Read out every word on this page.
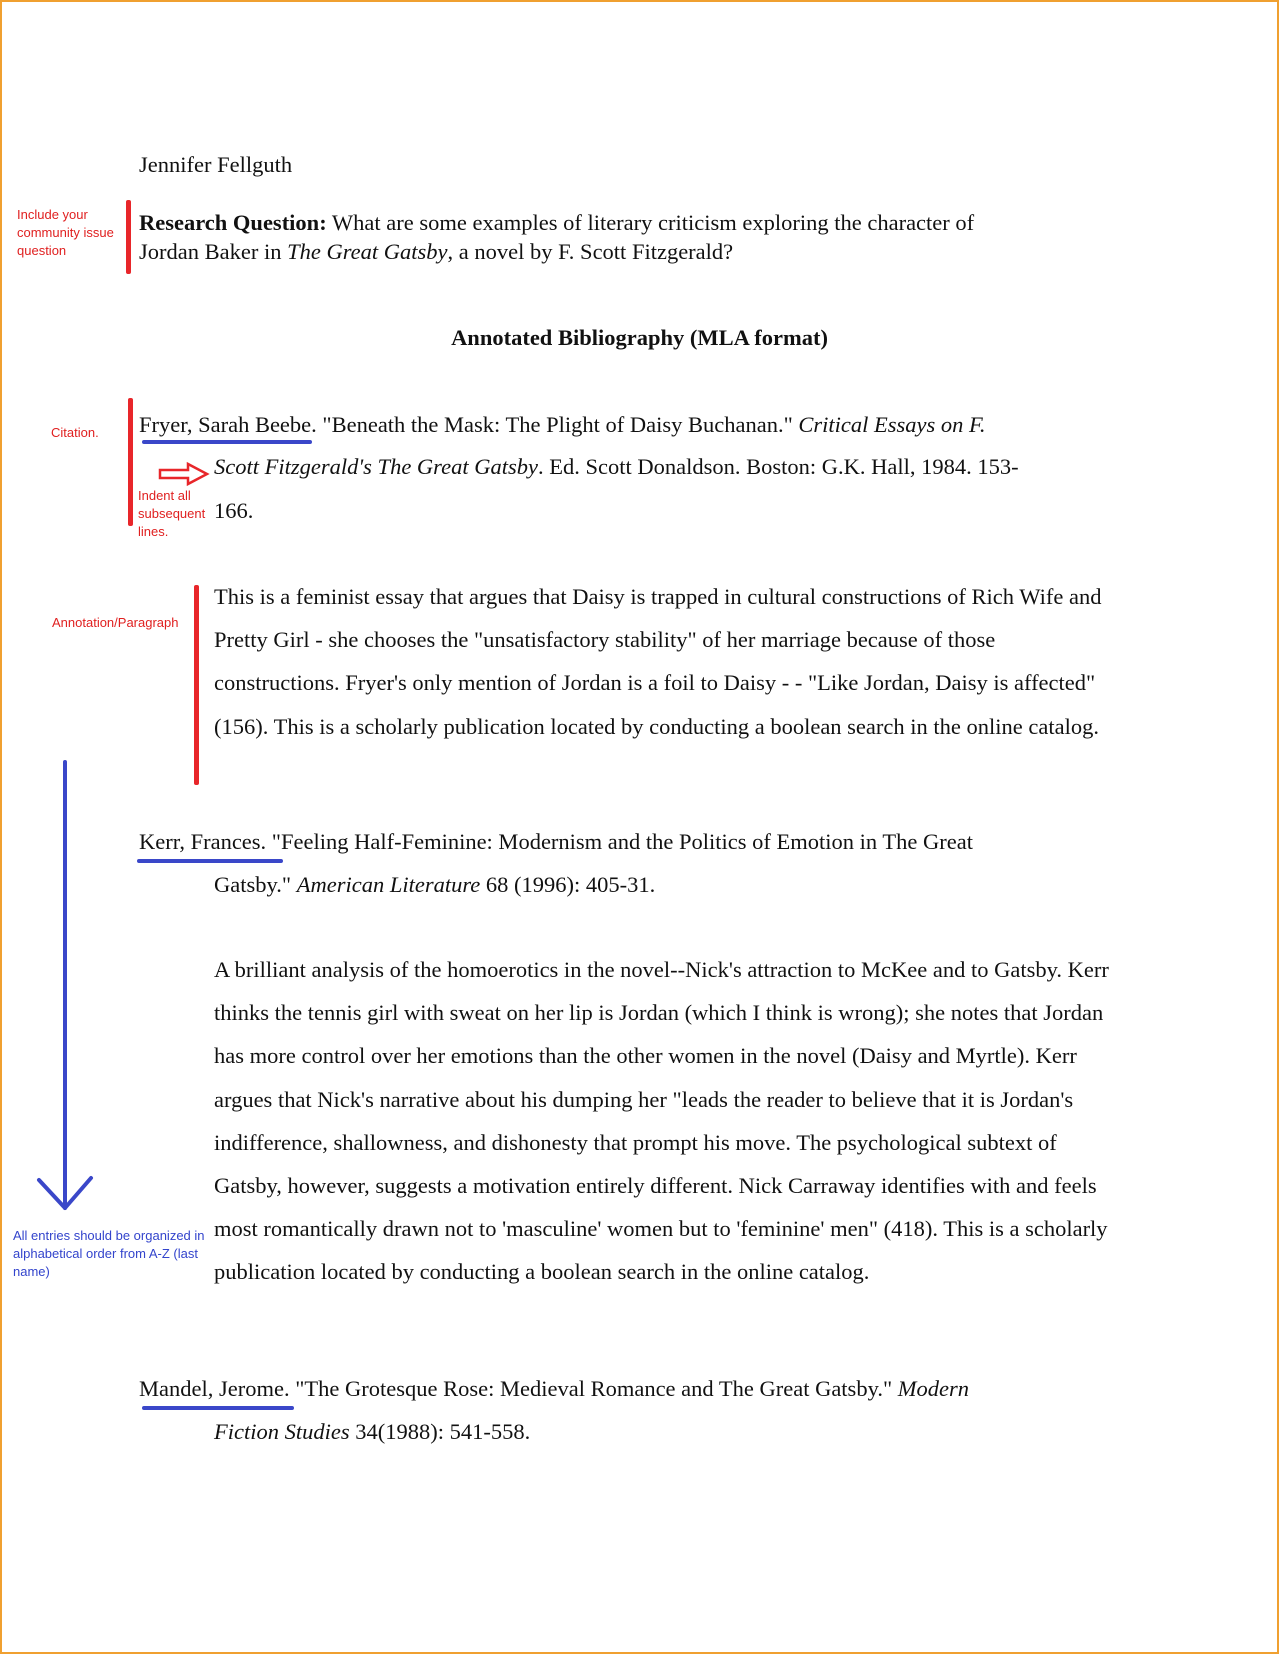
Jennifer Fellguth
Research Question: What are some examples of literary criticism exploring the character of
Jordan Baker in The Great Gatsby, a novel by F. Scott Fitzgerald?
Annotated Bibliography (MLA format)
Fryer, Sarah Beebe. "Beneath the Mask: The Plight of Daisy Buchanan." Critical Essays on F.
Scott Fitzgerald's The Great Gatsby. Ed. Scott Donaldson. Boston: G.K. Hall, 1984. 153-
166.
This is a feminist essay that argues that Daisy is trapped in cultural constructions of Rich Wife and Pretty Girl - she chooses the "unsatisfactory stability" of her marriage because of those constructions. Fryer's only mention of Jordan is a foil to Daisy - - "Like Jordan, Daisy is affected" (156). This is a scholarly publication located by conducting a boolean search in the online catalog.
Kerr, Frances. "Feeling Half-Feminine: Modernism and the Politics of Emotion in The Great
Gatsby." American Literature 68 (1996): 405-31.
A brilliant analysis of the homoerotics in the novel--Nick's attraction to McKee and to Gatsby. Kerr thinks the tennis girl with sweat on her lip is Jordan (which I think is wrong); she notes that Jordan has more control over her emotions than the other women in the novel (Daisy and Myrtle). Kerr argues that Nick's narrative about his dumping her "leads the reader to believe that it is Jordan's indifference, shallowness, and dishonesty that prompt his move. The psychological subtext of Gatsby, however, suggests a motivation entirely different. Nick Carraway identifies with and feels most romantically drawn not to 'masculine' women but to 'feminine' men" (418). This is a scholarly publication located by conducting a boolean search in the online catalog.
Mandel, Jerome. "The Grotesque Rose: Medieval Romance and The Great Gatsby." Modern
Fiction Studies 34(1988): 541-558.
Include your community issue question
Citation.
Indent all subsequent lines.
Annotation/Paragraph
All entries should be organized in alphabetical order from A-Z (last name)
